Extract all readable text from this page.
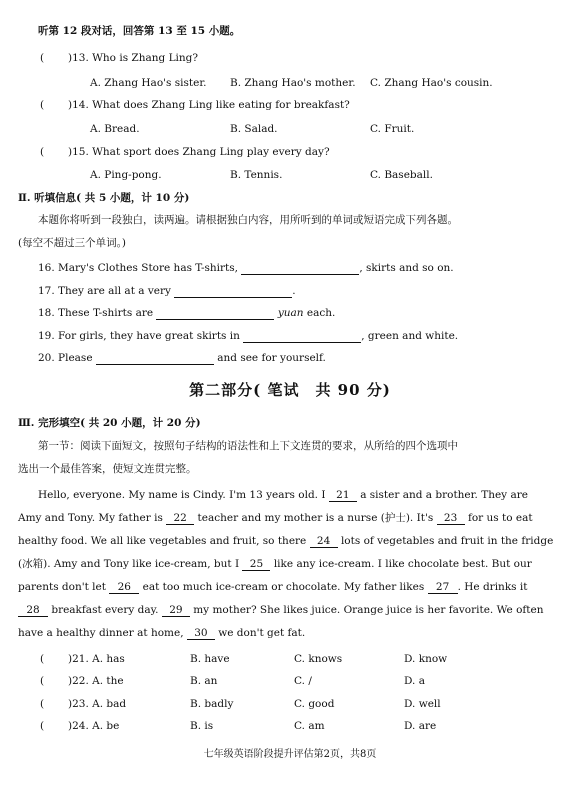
听第 12 段对话，回答第 13 至 15 小题。
( )13. Who is Zhang Ling?
A. Zhang Hao's sister. B. Zhang Hao's mother. C. Zhang Hao's cousin.
( )14. What does Zhang Ling like eating for breakfast?
A. Bread.	B. Salad.	C. Fruit.
( )15. What sport does Zhang Ling play every day?
A. Ping-pong.	B. Tennis.	C. Baseball.
Ⅱ. 听填信息( 共 5 小题，计 10 分)
本题你将听到一段独白，读两遍。请根据独白内容，用所听到的单词或短语完成下列各题。
(每空不超过三个单词。)
16. Mary's Clothes Store has T-shirts,	, skirts and so on.
17. They are all at a very	.
18. These T-shirts are	yuan each.
19. For girls, they have great skirts in	, green and white.
20. Please	and see for yourself.
第二部分( 笔试　共 90 分)
Ⅲ. 完形填空( 共 20 小题，计 20 分)
第一节：阅读下面短文，按照句子结构的语法性和上下文连贯的要求，从所给的四个选项中
选出一个最佳答案，使短文连贯完整。
Hello, everyone. My name is Cindy. I'm 13 years old. I 21 a sister and a brother. They are
Amy and Tony. My father is 22 teacher and my mother is a nurse (护士). It's 23 for us to eat
healthy food. We all like vegetables and fruit, so there 24 lots of vegetables and fruit in the fridge
(冰箱). Amy and Tony like ice-cream, but I 25 like any ice-cream. I like chocolate best. But our
parents don't let 26 eat too much ice-cream or chocolate. My father likes 27 . He drinks it
28 breakfast every day. 29 my mother? She likes juice. Orange juice is her favorite. We often
have a healthy dinner at home, 30 we don't get fat.
( )21. A. has	B. have	C. knows	D. know
( )22. A. the	B. an	C. /	D. a
( )23. A. bad	B. badly	C. good	D. well
( )24. A. be	B. is	C. am	D. are
七年级英语阶段提升评估第2页，共8页
